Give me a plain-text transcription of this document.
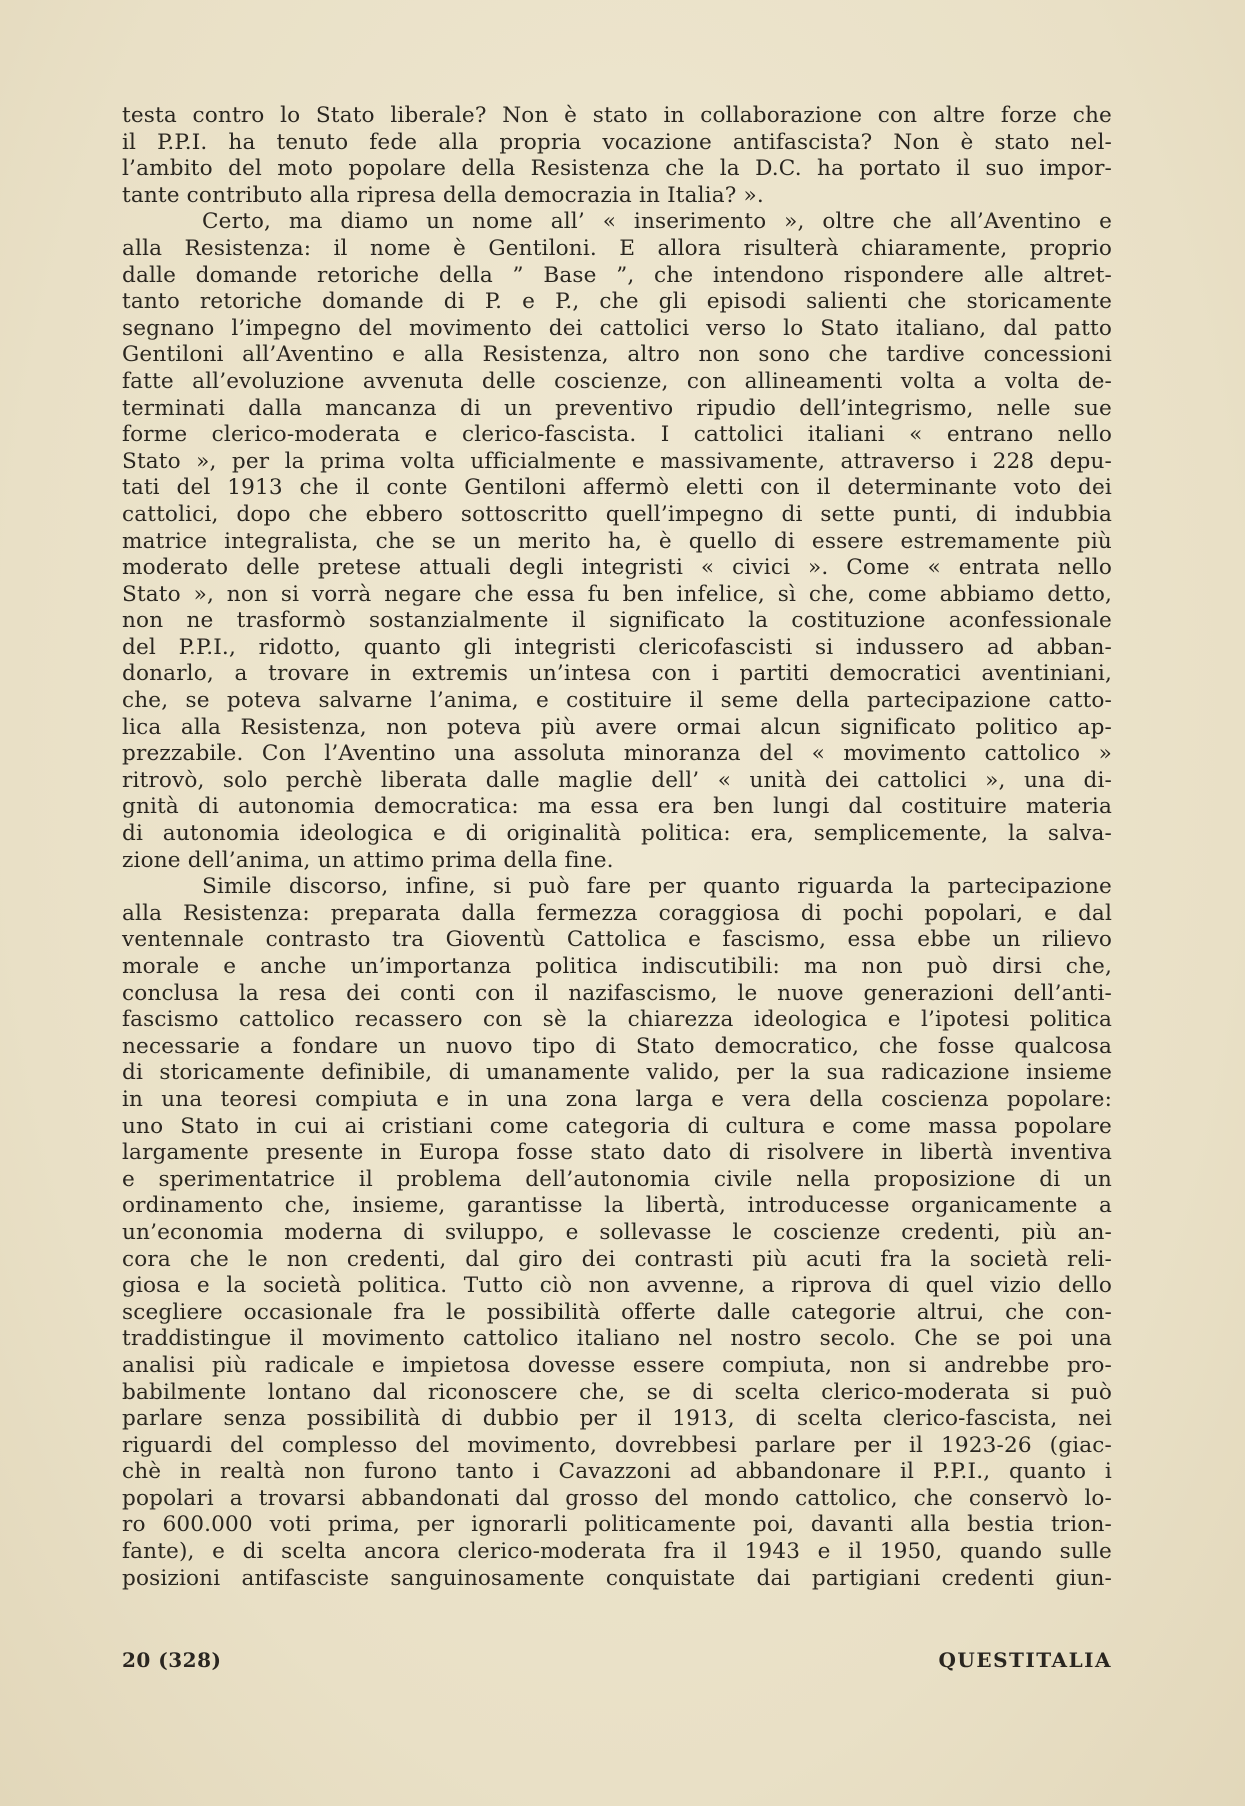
testa contro lo Stato liberale? Non è stato in collaborazione con altre forze che

il P.P.I. ha tenuto fede alla propria vocazione antifascista? Non è stato nel-

l’ambito del moto popolare della Resistenza che la D.C. ha portato il suo impor-

tante contributo alla ripresa della democrazia in Italia? ».

Certo, ma diamo un nome all’ « inserimento », oltre che all’Aventino e

alla Resistenza: il nome è Gentiloni. E allora risulterà chiaramente, proprio

dalle domande retoriche della ” Base ”, che intendono rispondere alle altret-

tanto retoriche domande di P. e P., che gli episodi salienti che storicamente

segnano l’impegno del movimento dei cattolici verso lo Stato italiano, dal patto

Gentiloni all’Aventino e alla Resistenza, altro non sono che tardive concessioni

fatte all’evoluzione avvenuta delle coscienze, con allineamenti volta a volta de-

terminati dalla mancanza di un preventivo ripudio dell’integrismo, nelle sue

forme clerico-moderata e clerico-fascista. I cattolici italiani « entrano nello

Stato », per la prima volta ufficialmente e massivamente, attraverso i 228 depu-

tati del 1913 che il conte Gentiloni affermò eletti con il determinante voto dei

cattolici, dopo che ebbero sottoscritto quell’impegno di sette punti, di indubbia

matrice integralista, che se un merito ha, è quello di essere estremamente più

moderato delle pretese attuali degli integristi « civici ». Come « entrata nello

Stato », non si vorrà negare che essa fu ben infelice, sì che, come abbiamo detto,

non ne trasformò sostanzialmente il significato la costituzione aconfessionale

del P.P.I., ridotto, quanto gli integristi clericofascisti si indussero ad abban-

donarlo, a trovare in extremis un’intesa con i partiti democratici aventiniani,

che, se poteva salvarne l’anima, e costituire il seme della partecipazione catto-

lica alla Resistenza, non poteva più avere ormai alcun significato politico ap-

prezzabile. Con l’Aventino una assoluta minoranza del « movimento cattolico »

ritrovò, solo perchè liberata dalle maglie dell’ « unità dei cattolici », una di-

gnità di autonomia democratica: ma essa era ben lungi dal costituire materia

di autonomia ideologica e di originalità politica: era, semplicemente, la salva-

zione dell’anima, un attimo prima della fine.

Simile discorso, infine, si può fare per quanto riguarda la partecipazione

alla Resistenza: preparata dalla fermezza coraggiosa di pochi popolari, e dal

ventennale contrasto tra Gioventù Cattolica e fascismo, essa ebbe un rilievo

morale e anche un’importanza politica indiscutibili: ma non può dirsi che,

conclusa la resa dei conti con il nazifascismo, le nuove generazioni dell’anti-

fascismo cattolico recassero con sè la chiarezza ideologica e l’ipotesi politica

necessarie a fondare un nuovo tipo di Stato democratico, che fosse qualcosa

di storicamente definibile, di umanamente valido, per la sua radicazione insieme

in una teoresi compiuta e in una zona larga e vera della coscienza popolare:

uno Stato in cui ai cristiani come categoria di cultura e come massa popolare

largamente presente in Europa fosse stato dato di risolvere in libertà inventiva

e sperimentatrice il problema dell’autonomia civile nella proposizione di un

ordinamento che, insieme, garantisse la libertà, introducesse organicamente a

un’economia moderna di sviluppo, e sollevasse le coscienze credenti, più an-

cora che le non credenti, dal giro dei contrasti più acuti fra la società reli-

giosa e la società politica. Tutto ciò non avvenne, a riprova di quel vizio dello

scegliere occasionale fra le possibilità offerte dalle categorie altrui, che con-

traddistingue il movimento cattolico italiano nel nostro secolo. Che se poi una

analisi più radicale e impietosa dovesse essere compiuta, non si andrebbe pro-

babilmente lontano dal riconoscere che, se di scelta clerico-moderata si può

parlare senza possibilità di dubbio per il 1913, di scelta clerico-fascista, nei

riguardi del complesso del movimento, dovrebbesi parlare per il 1923-26 (giac-

chè in realtà non furono tanto i Cavazzoni ad abbandonare il P.P.I., quanto i

popolari a trovarsi abbandonati dal grosso del mondo cattolico, che conservò lo-

ro 600.000 voti prima, per ignorarli politicamente poi, davanti alla bestia trion-

fante), e di scelta ancora clerico-moderata fra il 1943 e il 1950, quando sulle

posizioni antifasciste sanguinosamente conquistate dai partigiani credenti giun-

20 (328)	QUESTITALIA
